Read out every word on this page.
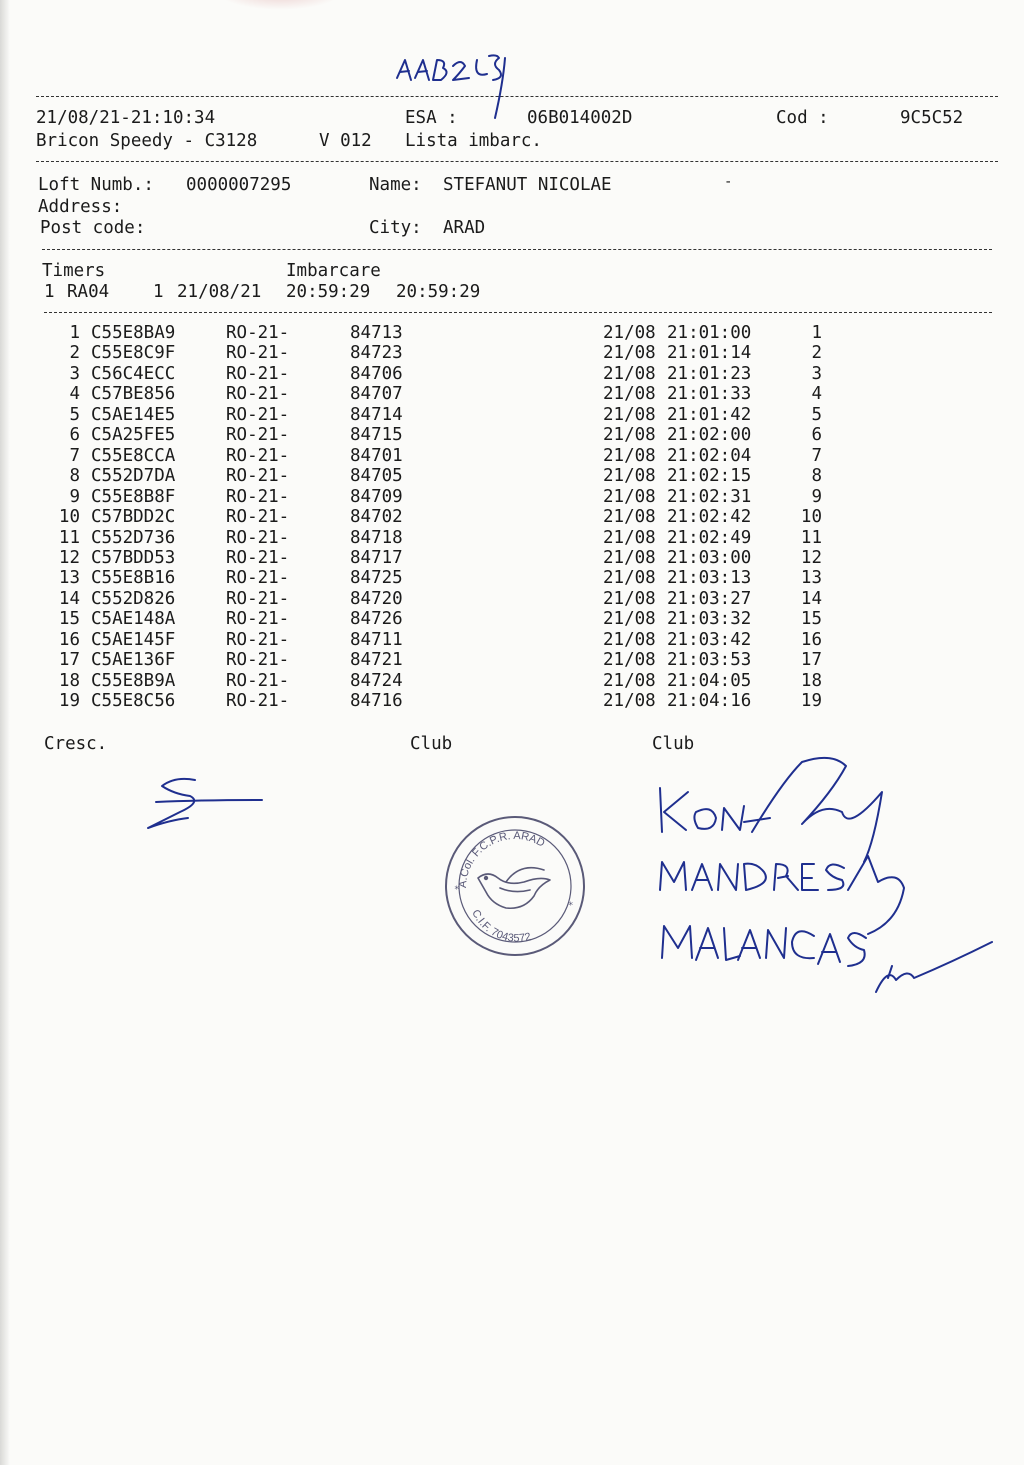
21/08/21-21:10:34	ESA :	06B014002D	Cod :	9C5C52
Bricon Speedy - C3128	V 012 Lista imbarc.
Loft Numb.: 0000007295	Name: STEFANUT NICOLAE
Address:
Post code:	City: ARAD
Timers	Imbarcare
1 RA04	1 21/08/21 20:59:29 20:59:29
1 C55E8BA9	RO-21-	84713	21/08 21:01:00	1
2 C55E8C9F	RO-21-	84723	21/08 21:01:14	2
3 C56C4ECC	RO-21-	84706	21/08 21:01:23	3
4 C57BE856	RO-21-	84707	21/08 21:01:33	4
5 C5AE14E5	RO-21-	84714	21/08 21:01:42	5
6 C5A25FE5	RO-21-	84715	21/08 21:02:00	6
7 C55E8CCA	RO-21-	84701	21/08 21:02:04	7
8 C552D7DA	RO-21-	84705	21/08 21:02:15	8
9 C55E8B8F	RO-21-	84709	21/08 21:02:31	9
10 C57BDD2C	RO-21-	84702	21/08 21:02:42	10
11 C552D736	RO-21-	84718	21/08 21:02:49	11
12 C57BDD53	RO-21-	84717	21/08 21:03:00	12
13 C55E8B16	RO-21-	84725	21/08 21:03:13	13
14 C552D826	RO-21-	84720	21/08 21:03:27	14
15 C5AE148A	RO-21-	84726	21/08 21:03:32	15
16 C5AE145F	RO-21-	84711	21/08 21:03:42	16
17 C5AE136F	RO-21-	84721	21/08 21:03:53	17
18 C55E8B9A	RO-21-	84724	21/08 21:04:05	18
19 C55E8C56	RO-21-	84716	21/08 21:04:16	19
Cresc.	Club	Club
A.Col. F.C.P.R. ARAD
C.I.F. 7043572
*
*
-
